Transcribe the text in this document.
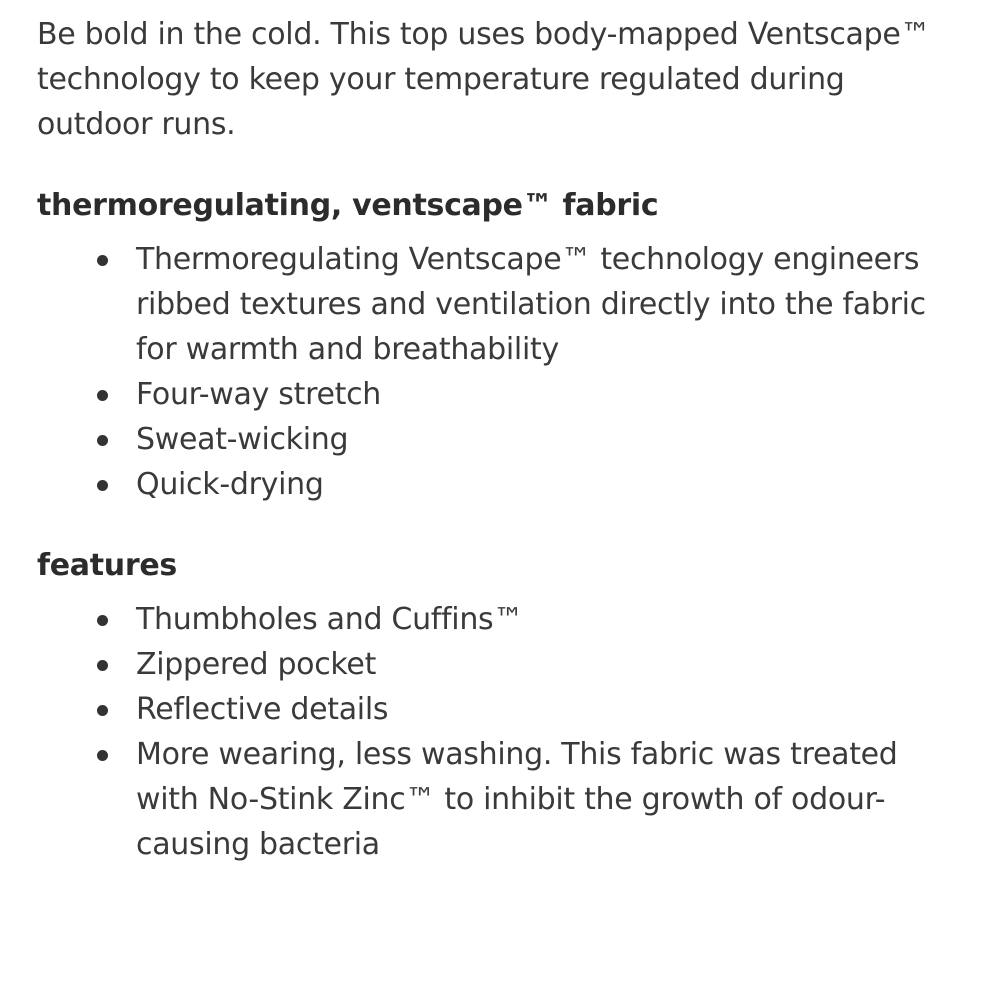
Be bold in the cold. This top uses body-mapped Ventscape™ technology to keep your temperature regulated during outdoor runs.

thermoregulating, ventscape™ fabric
Thermoregulating Ventscape™ technology engineers ribbed textures and ventilation directly into the fabric for warmth and breathability
Four-way stretch
Sweat-wicking
Quick-drying
features
Thumbholes and Cuffins™
Zippered pocket
Reflective details
More wearing, less washing. This fabric was treated with No-Stink Zinc™ to inhibit the growth of odour-causing bacteria
